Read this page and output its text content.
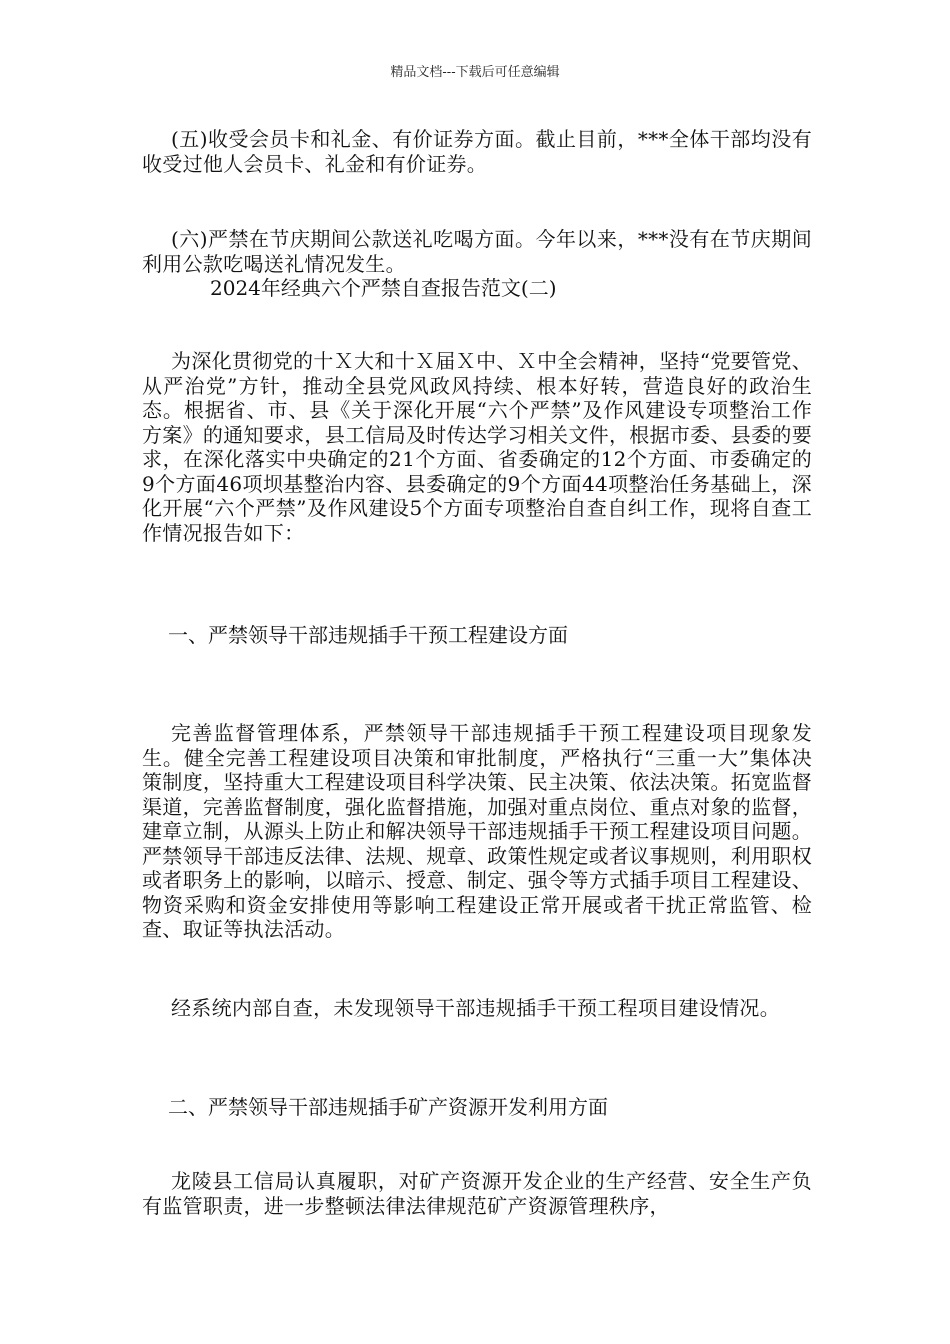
精品文档---下载后可任意编辑

(五)收受会员卡和礼金、有价证券方面。截止目前，***全体干部均没有收受过他人会员卡、礼金和有价证券。

(六)严禁在节庆期间公款送礼吃喝方面。今年以来，***没有在节庆期间利用公款吃喝送礼情况发生。

2024年经典六个严禁自查报告范文(二)

为深化贯彻党的十Ｘ大和十Ｘ届Ｘ中、Ｘ中全会精神，坚持“党要管党、从严治党”方针，推动全县党风政风持续、根本好转，营造良好的政治生态。根据省、市、县《关于深化开展“六个严禁”及作风建设专项整治工作方案》的通知要求，县工信局及时传达学习相关文件，根据市委、县委的要求，在深化落实中央确定的21个方面、省委确定的12个方面、市委确定的9个方面46项坝基整治内容、县委确定的9个方面44项整治任务基础上，深化开展“六个严禁”及作风建设5个方面专项整治自查自纠工作，现将自查工作情况报告如下：

一、严禁领导干部违规插手干预工程建设方面

完善监督管理体系，严禁领导干部违规插手干预工程建设项目现象发生。健全完善工程建设项目决策和审批制度，严格执行“三重一大”集体决策制度，坚持重大工程建设项目科学决策、民主决策、依法决策。拓宽监督渠道，完善监督制度，强化监督措施，加强对重点岗位、重点对象的监督，建章立制，从源头上防止和解决领导干部违规插手干预工程建设项目问题。严禁领导干部违反法律、法规、规章、政策性规定或者议事规则，利用职权或者职务上的影响，以暗示、授意、制定、强令等方式插手项目工程建设、物资采购和资金安排使用等影响工程建设正常开展或者干扰正常监管、检查、取证等执法活动。

经系统内部自查，未发现领导干部违规插手干预工程项目建设情况。

二、严禁领导干部违规插手矿产资源开发利用方面

龙陵县工信局认真履职，对矿产资源开发企业的生产经营、安全生产负有监管职责，进一步整顿法律法律规范矿产资源管理秩序，
